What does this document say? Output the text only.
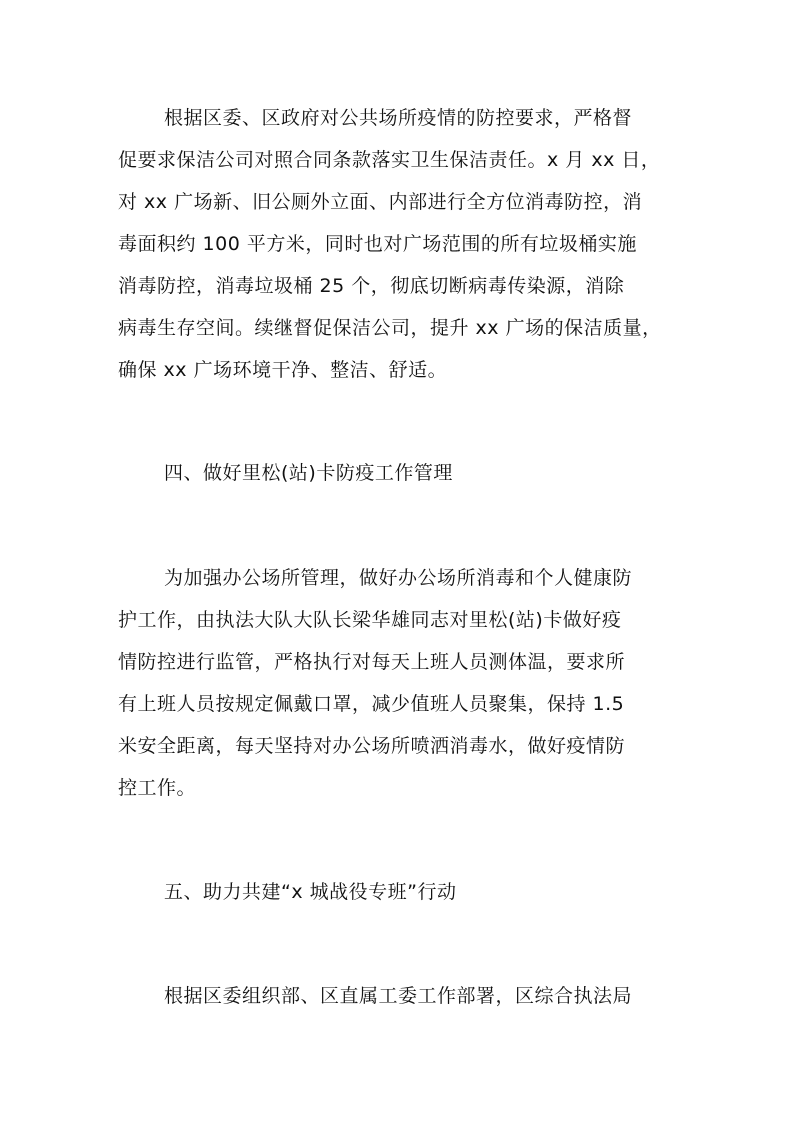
根据区委、区政府对公共场所疫情的防控要求，严格督
促要求保洁公司对照合同条款落实卫生保洁责任。x 月 xx 日，
对 xx 广场新、旧公厕外立面、内部进行全方位消毒防控，消
毒面积约 100 平方米，同时也对广场范围的所有垃圾桶实施
消毒防控，消毒垃圾桶 25 个，彻底切断病毒传染源，消除
病毒生存空间。续继督促保洁公司，提升 xx 广场的保洁质量，
确保 xx 广场环境干净、整洁、舒适。
四、做好里松(站)卡防疫工作管理
为加强办公场所管理，做好办公场所消毒和个人健康防
护工作，由执法大队大队长梁华雄同志对里松(站)卡做好疫
情防控进行监管，严格执行对每天上班人员测体温，要求所
有上班人员按规定佩戴口罩，减少值班人员聚集，保持 1.5
米安全距离，每天坚持对办公场所喷洒消毒水，做好疫情防
控工作。
五、助力共建“x 城战役专班”行动
根据区委组织部、区直属工委工作部署，区综合执法局
